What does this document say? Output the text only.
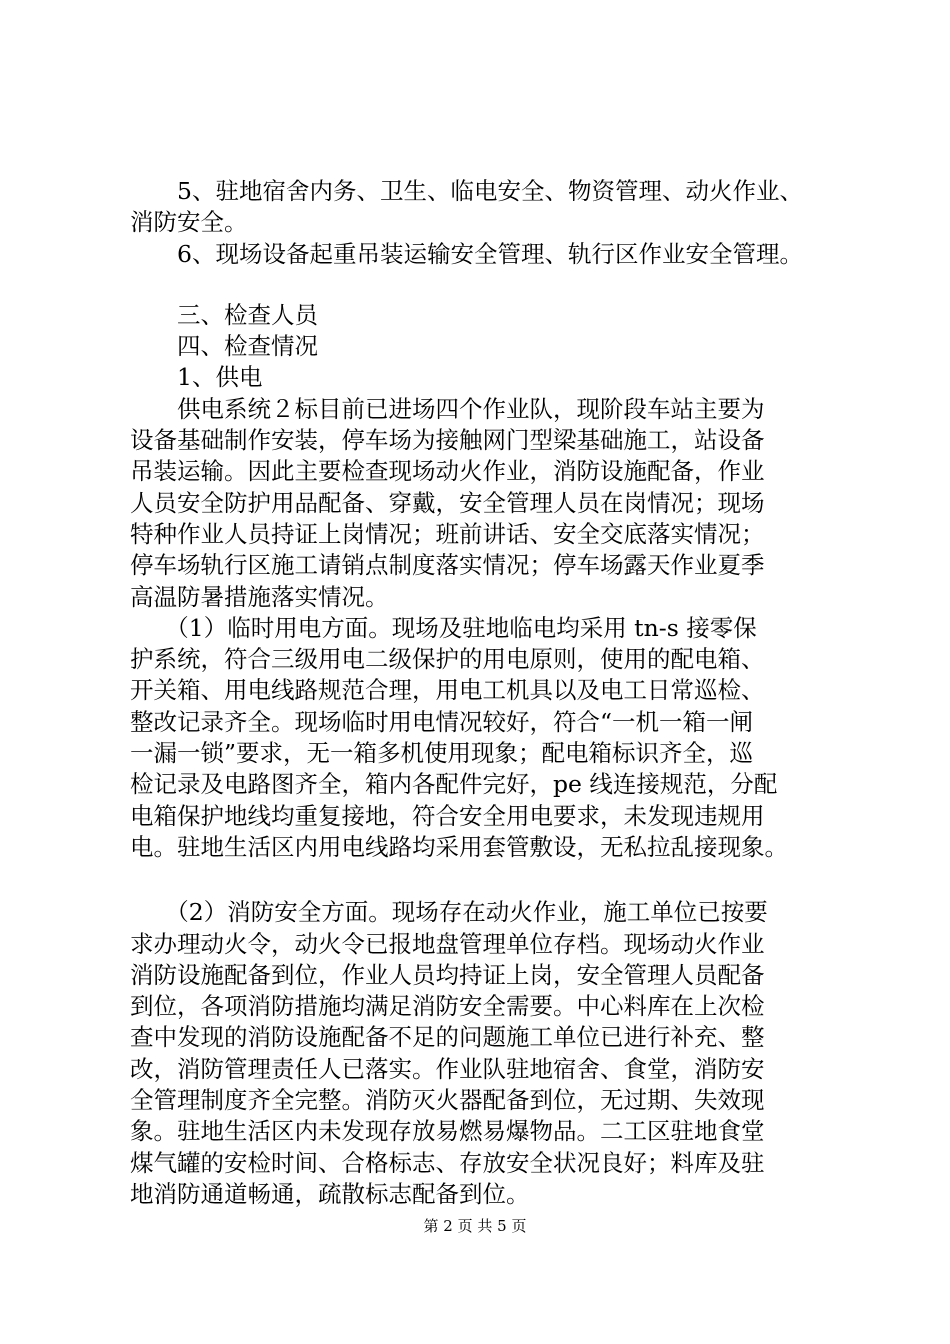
　　5、驻地宿舍内务、卫生、临电安全、物资管理、动火作业、
消防安全。
　　6、现场设备起重吊装运输安全管理、轨行区作业安全管理。
　　三、检查人员
　　四、检查情况
　　1、供电
　　供电系统２标目前已进场四个作业队，现阶段车站主要为
设备基础制作安装，停车场为接触网门型梁基础施工，站设备
吊装运输。因此主要检查现场动火作业，消防设施配备，作业
人员安全防护用品配备、穿戴，安全管理人员在岗情况；现场
特种作业人员持证上岗情况；班前讲话、安全交底落实情况；
停车场轨行区施工请销点制度落实情况；停车场露天作业夏季
高温防暑措施落实情况。
　　（1）临时用电方面。现场及驻地临电均采用 tn-s 接零保
护系统，符合三级用电二级保护的用电原则，使用的配电箱、
开关箱、用电线路规范合理，用电工机具以及电工日常巡检、
整改记录齐全。现场临时用电情况较好，符合“一机一箱一闸
一漏一锁”要求，无一箱多机使用现象；配电箱标识齐全，巡
检记录及电路图齐全，箱内各配件完好，pe 线连接规范，分配
电箱保护地线均重复接地，符合安全用电要求，未发现违规用
电。驻地生活区内用电线路均采用套管敷设，无私拉乱接现象。
　　（2）消防安全方面。现场存在动火作业，施工单位已按要
求办理动火令，动火令已报地盘管理单位存档。现场动火作业
消防设施配备到位，作业人员均持证上岗，安全管理人员配备
到位，各项消防措施均满足消防安全需要。中心料库在上次检
查中发现的消防设施配备不足的问题施工单位已进行补充、整
改，消防管理责任人已落实。作业队驻地宿舍、食堂，消防安
全管理制度齐全完整。消防灭火器配备到位，无过期、失效现
象。驻地生活区内未发现存放易燃易爆物品。二工区驻地食堂
煤气罐的安检时间、合格标志、存放安全状况良好；料库及驻
地消防通道畅通，疏散标志配备到位。
第 2 页 共 5 页
